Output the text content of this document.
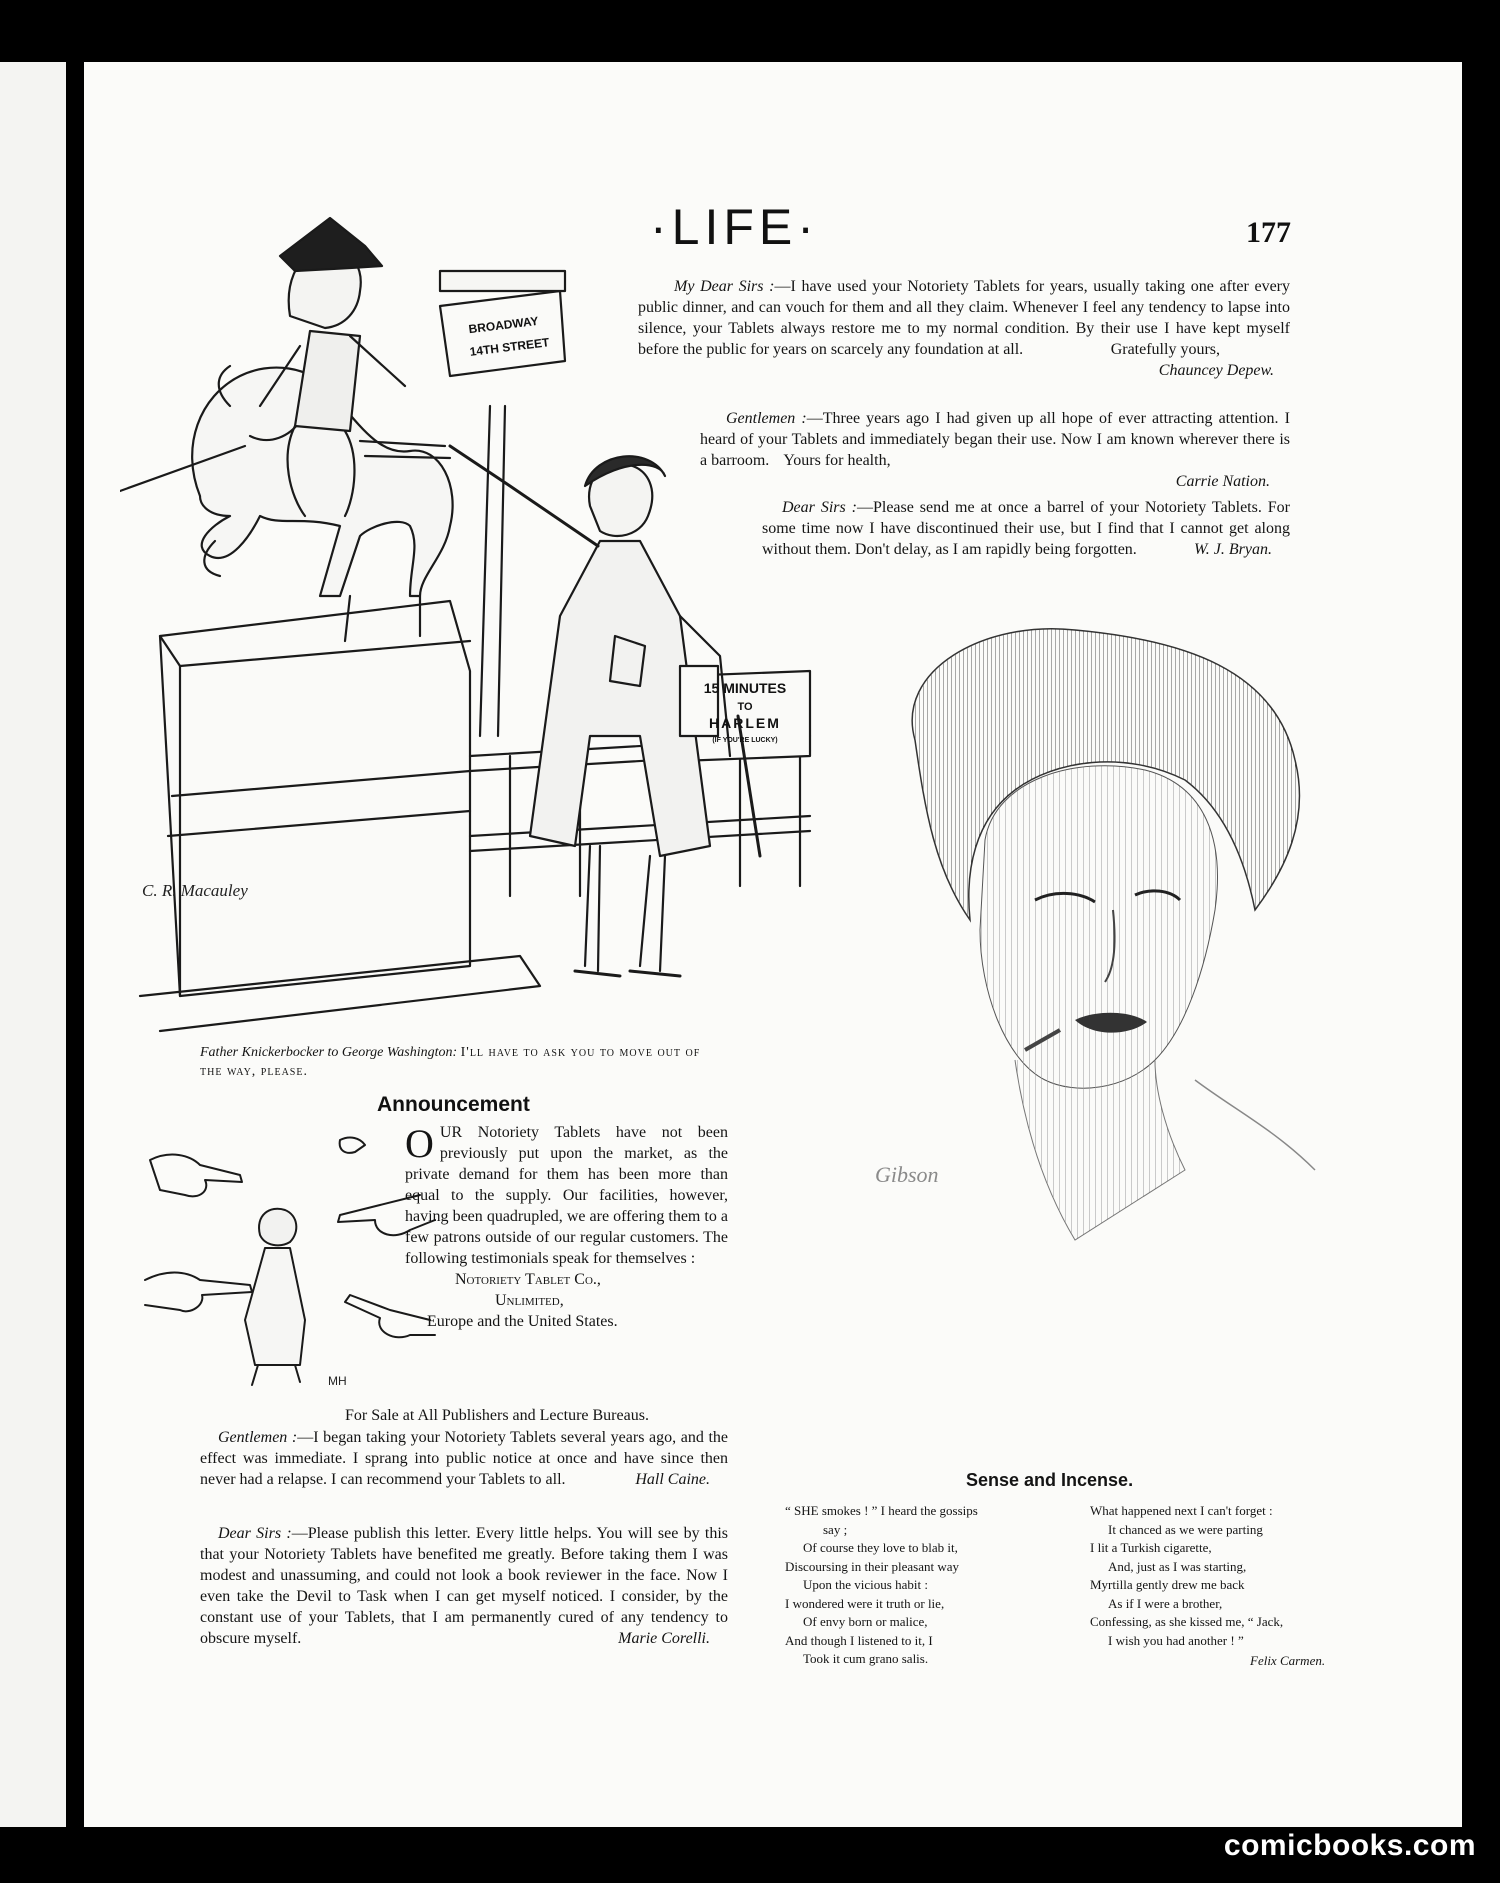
·LIFE·	177

My Dear Sirs :—I have used your Notoriety Tablets for years, usually taking one after every public dinner, and can vouch for them and all they claim. Whenever I feel any tendency to lapse into silence, your Tablets always restore me to my normal condition. By their use I have kept myself before the public for years on scarcely any foundation at all.	Gratefully yours,
Chauncey Depew.

Gentlemen :—Three years ago I had given up all hope of ever attracting attention. I heard of your Tablets and immediately began their use. Now I am known wherever there is a barroom. Yours for health,

Carrie Nation.

Dear Sirs :—Please send me at once a barrel of your Notoriety Tablets. For some time now I have discontinued their use, but I find that I cannot get along without them. Don't delay, as I am rapidly being forgotten.	W. J. Bryan.
BROADWAY
14TH STREET
15 MINUTES
TO
HARLEM
(IF YOU'RE LUCKY)
C. R. Macauley
Father Knickerbocker to George Washington: I'll have to ask you to move out of the way, please.
Announcement
MH

OUR Notoriety Tablets have not been previously put upon the market, as the private demand for them has been more than equal to the supply. Our facilities, however, having been quadrupled, we are offering them to a few patrons outside of our regular customers. The following testimonials speak for themselves :

Notoriety Tablet Co.,
Unlimited,
Europe and the United States.
For Sale at All Publishers and Lecture Bureaus.

Gentlemen :—I began taking your Notoriety Tablets several years ago, and the effect was immediate. I sprang into public notice at once and have since then never had a relapse. I can recommend your Tablets to all.	Hall Caine.

Dear Sirs :—Please publish this letter. Every little helps. You will see by this that your Notoriety Tablets have benefited me greatly. Before taking them I was modest and unassuming, and could not look a book reviewer in the face. Now I even take the Devil to Task when I can get myself noticed. I consider, by the constant use of your Tablets, that I am permanently cured of any tendency to obscure myself.	Marie Corelli.
Gibson
Sense and Incense.
“ SHE smokes ! ” I heard the gossips
say ;
Of course they love to blab it,
Discoursing in their pleasant way
Upon the vicious habit :
I wondered were it truth or lie,
Of envy born or malice,
And though I listened to it, I
Took it cum grano salis.
What happened next I can't forget :
It chanced as we were parting
I lit a Turkish cigarette,
And, just as I was starting,
Myrtilla gently drew me back
As if I were a brother,
Confessing, as she kissed me, “ Jack,
I wish you had another ! ”
Felix Carmen.
comicbooks.com
